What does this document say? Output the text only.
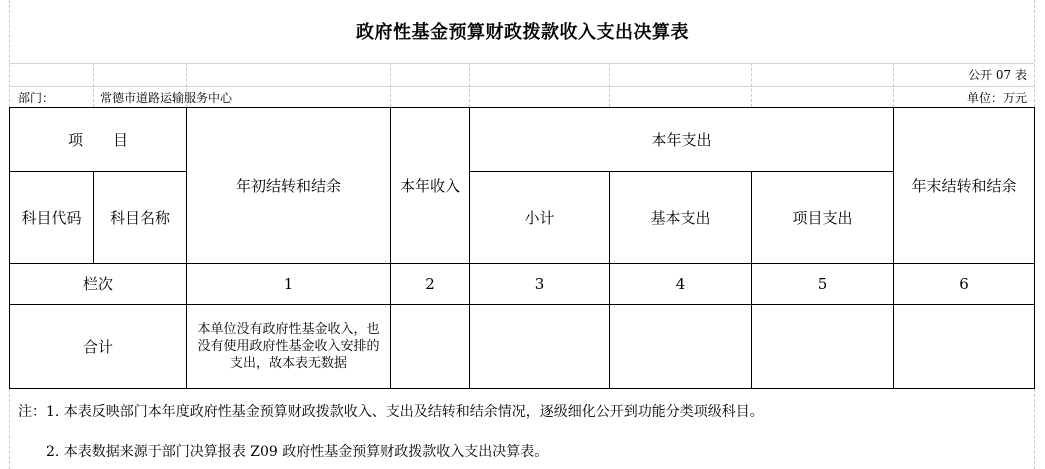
政府性基金预算财政拨款收入支出决算表
公开 07 表
部门：	常德市道路运输服务中心	单位：万元
项　　目		年初结转和结余	本年收入	本年支出			年末结转和结余
科目代码	科目名称			小计	基本支出	项目支出	
栏次		1	2	3	4	5	6
合计		本单位没有政府性基金收入，也没有使用政府性基金收入安排的支出，故本表无数据					
注：1. 本表反映部门本年度政府性基金预算财政拨款收入、支出及结转和结余情况，逐级细化公开到功能分类项级科目。
2. 本表数据来源于部门决算报表 Z09 政府性基金预算财政拨款收入支出决算表。
